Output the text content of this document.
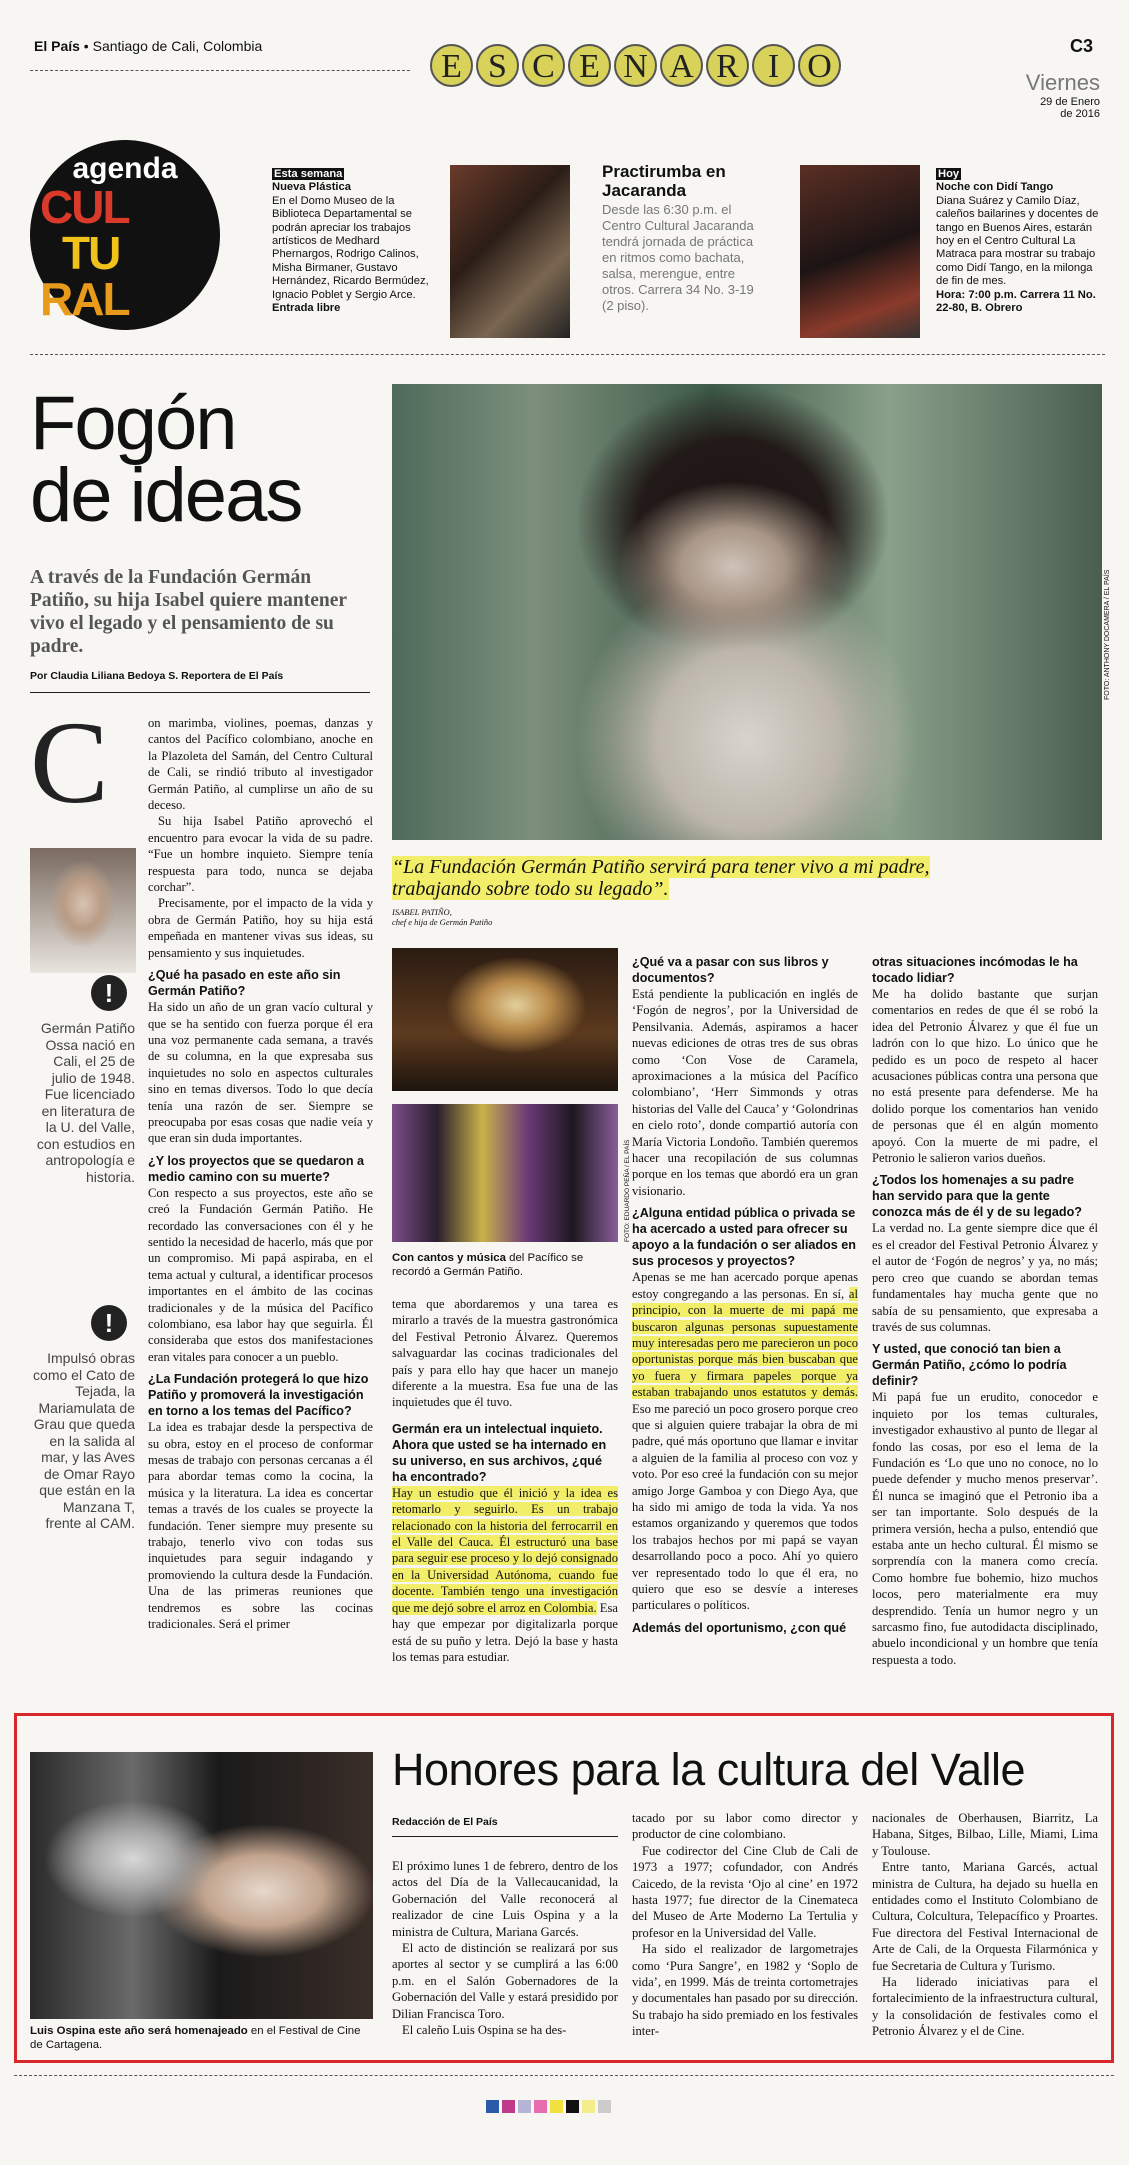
El País • Santiago de Cali, Colombia
E S C E N A R I O
C3
Viernes
29 de Enero
de 2016
agenda
CUL
TU
RAL
Esta semana
Nueva Plástica
En el Domo Museo de la Biblioteca Departamental se podrán apreciar los trabajos artísticos de Medhard Phernargos, Rodrigo Calinos, Misha Birmaner, Gustavo Hernández, Ricardo Bermúdez, Ignacio Poblet y Sergio Arce.
Entrada libre
Practirumba en Jacaranda
Desde las 6:30 p.m. el Centro Cultural Jacaranda tendrá jornada de práctica en ritmos como bachata, salsa, merengue, entre otros. Carrera 34 No. 3-19 (2 piso).
Hoy
Noche con Didí Tango
Diana Suárez y Camilo Díaz, caleños bailarines y docentes de tango en Buenos Aires, estarán hoy en el Centro Cultural La Matraca para mostrar su trabajo como Didí Tango, en la milonga de fin de mes.
Hora: 7:00 p.m. Carrera 11 No. 22-80, B. Obrero
Fogón
de ideas
A través de la Fundación Germán Patiño, su hija Isabel quiere mantener vivo el legado y el pensamiento de su padre.
Por Claudia Liliana Bedoya S. Reportera de El País	FOTO: ANTHONY DOCAMERA / EL PAÍS
“La Fundación Germán Patiño servirá para tener vivo a mi padre, trabajando sobre todo su legado”.
ISABEL PATIÑO,
chef e hija de Germán Patiño
C
!
Germán Patiño Ossa nació en Cali, el 25 de julio de 1948. Fue licenciado en literatura de la U. del Valle, con estudios en antropología e historia.
!
Impulsó obras como el Cato de Tejada, la Mariamulata de Grau que queda en la salida al mar, y las Aves de Omar Rayo que están en la Manzana T, frente al CAM.

on marimba, violines, poemas, danzas y cantos del Pacífico colombiano, anoche en la Plazoleta del Samán, del Centro Cultural de Cali, se rindió tributo al investigador Germán Patiño, al cumplirse un año de su deceso.

Su hija Isabel Patiño aprovechó el encuentro para evocar la vida de su padre. “Fue un hombre inquieto. Siempre tenía respuesta para todo, nunca se dejaba corchar”.

Precisamente, por el impacto de la vida y obra de Germán Patiño, hoy su hija está empeñada en mantener vivas sus ideas, su pensamiento y sus inquietudes.

¿Qué ha pasado en este año sin Germán Patiño?

Ha sido un año de un gran vacío cultural y que se ha sentido con fuerza porque él era una voz permanente cada semana, a través de su columna, en la que expresaba sus inquietudes no solo en aspectos culturales sino en temas diversos. Todo lo que decía tenía una razón de ser. Siempre se preocupaba por esas cosas que nadie veía y que eran sin duda importantes.

¿Y los proyectos que se quedaron a medio camino con su muerte?

Con respecto a sus proyectos, este año se creó la Fundación Germán Patiño. He recordado las conversaciones con él y he sentido la necesidad de hacerlo, más que por un compromiso. Mi papá aspiraba, en el tema actual y cultural, a identificar procesos importantes en el ámbito de las cocinas tradicionales y de la música del Pacífico colombiano, esa labor hay que seguirla. Él consideraba que estos dos manifestaciones eran vitales para conocer a un pueblo.

¿La Fundación protegerá lo que hizo Patiño y promoverá la investigación en torno a los temas del Pacífico?

La idea es trabajar desde la perspectiva de su obra, estoy en el proceso de conformar mesas de trabajo con personas cercanas a él para abordar temas como la cocina, la música y la literatura. La idea es concertar temas a través de los cuales se proyecte la fundación. Tener siempre muy presente su trabajo, tenerlo vivo con todas sus inquietudes para seguir indagando y promoviendo la cultura desde la Fundación. Una de las primeras reuniones que tendremos es sobre las cocinas tradicionales. Será el primer

FOTO: EDUARDO PEÑA / EL PAÍS
Con cantos y música del Pacífico se recordó a Germán Patiño.

tema que abordaremos y una tarea es mirarlo a través de la muestra gastronómica del Festival Petronio Álvarez. Queremos salvaguardar las cocinas tradicionales del país y para ello hay que hacer un manejo diferente a la muestra. Esa fue una de las inquietudes que él tuvo.

Germán era un intelectual inquieto. Ahora que usted se ha internado en su universo, en sus archivos, ¿qué ha encontrado?

Hay un estudio que él inició y la idea es retomarlo y seguirlo. Es un trabajo relacionado con la historia del ferrocarril en el Valle del Cauca. Él estructuró una base para seguir ese proceso y lo dejó consignado en la Universidad Autónoma, cuando fue docente. También tengo una investigación que me dejó sobre el arroz en Colombia. Esa hay que empezar por digitalizarla porque está de su puño y letra. Dejó la base y hasta los temas para estudiar.

¿Qué va a pasar con sus libros y documentos?

Está pendiente la publicación en inglés de ‘Fogón de negros’, por la Universidad de Pensilvania. Además, aspiramos a hacer nuevas ediciones de otras tres de sus obras como ‘Con Vose de Caramela, aproximaciones a la música del Pacífico colombiano’, ‘Herr Simmonds y otras historias del Valle del Cauca’ y ‘Golondrinas en cielo roto’, donde compartió autoría con María Victoria Londoño. También queremos hacer una recopilación de sus columnas porque en los temas que abordó era un gran visionario.

¿Alguna entidad pública o privada se ha acercado a usted para ofrecer su apoyo a la fundación o ser aliados en sus procesos y proyectos?

Apenas se me han acercado porque apenas estoy congregando a las personas. En sí, al principio, con la muerte de mi papá me buscaron algunas personas supuestamente muy interesadas pero me parecieron un poco oportunistas porque más bien buscaban que yo fuera y firmara papeles porque ya estaban trabajando unos estatutos y demás. Eso me pareció un poco grosero porque creo que si alguien quiere trabajar la obra de mi padre, qué más oportuno que llamar e invitar a alguien de la familia al proceso con voz y voto. Por eso creé la fundación con su mejor amigo Jorge Gamboa y con Diego Aya, que ha sido mi amigo de toda la vida. Ya nos estamos organizando y queremos que todos los trabajos hechos por mi papá se vayan desarrollando poco a poco. Ahí yo quiero ver representado todo lo que él era, no quiero que eso se desvíe a intereses particulares o políticos.

Además del oportunismo, ¿con qué
otras situaciones incómodas le ha tocado lidiar?

Me ha dolido bastante que surjan comentarios en redes de que él se robó la idea del Petronio Álvarez y que él fue un ladrón con lo que hizo. Lo único que he pedido es un poco de respeto al hacer acusaciones públicas contra una persona que no está presente para defenderse. Me ha dolido porque los comentarios han venido de personas que él en algún momento apoyó. Con la muerte de mi padre, el Petronio le salieron varios dueños.

¿Todos los homenajes a su padre han servido para que la gente conozca más de él y de su legado?

La verdad no. La gente siempre dice que él es el creador del Festival Petronio Álvarez y el autor de ‘Fogón de negros’ y ya, no más; pero creo que cuando se abordan temas fundamentales hay mucha gente que no sabía de su pensamiento, que expresaba a través de sus columnas.

Y usted, que conoció tan bien a Germán Patiño, ¿cómo lo podría definir?

Mi papá fue un erudito, conocedor e inquieto por los temas culturales, investigador exhaustivo al punto de llegar al fondo las cosas, por eso el lema de la Fundación es ‘Lo que uno no conoce, no lo puede defender y mucho menos preservar’. Él nunca se imaginó que el Petronio iba a ser tan importante. Solo después de la primera versión, hecha a pulso, entendió que estaba ante un hecho cultural. Él mismo se sorprendía con la manera como crecía. Como hombre fue bohemio, hizo muchos locos, pero materialmente era muy desprendido. Tenía un humor negro y un sarcasmo fino, fue autodidacta disciplinado, abuelo incondicional y un hombre que tenía respuesta a todo.

Luis Ospina este año será homenajeado en el Festival de Cine de Cartagena.
Honores para la cultura del Valle
Redacción de El País

El próximo lunes 1 de febrero, dentro de los actos del Día de la Vallecaucanidad, la Gobernación del Valle reconocerá al realizador de cine Luis Ospina y a la ministra de Cultura, Mariana Garcés.

El acto de distinción se realizará por sus aportes al sector y se cumplirá a las 6:00 p.m. en el Salón Gobernadores de la Gobernación del Valle y estará presidido por Dilian Francisca Toro.

El caleño Luis Ospina se ha des-

tacado por su labor como director y productor de cine colombiano.

Fue codirector del Cine Club de Cali de 1973 a 1977; cofundador, con Andrés Caicedo, de la revista ‘Ojo al cine’ en 1972 hasta 1977; fue director de la Cinemateca del Museo de Arte Moderno La Tertulia y profesor en la Universidad del Valle.

Ha sido el realizador de largometrajes como ‘Pura Sangre’, en 1982 y ‘Soplo de vida’, en 1999. Más de treinta cortometrajes y documentales han pasado por su dirección. Su trabajo ha sido premiado en los festivales inter-

nacionales de Oberhausen, Biarritz, La Habana, Sitges, Bilbao, Lille, Miami, Lima y Toulouse.

Entre tanto, Mariana Garcés, actual ministra de Cultura, ha dejado su huella en entidades como el Instituto Colombiano de Cultura, Colcultura, Telepacífico y Proartes. Fue directora del Festival Internacional de Arte de Cali, de la Orquesta Filarmónica y fue Secretaria de Cultura y Turismo.

Ha liderado iniciativas para el fortalecimiento de la infraestructura cultural, y la consolidación de festivales como el Petronio Álvarez y el de Cine.
